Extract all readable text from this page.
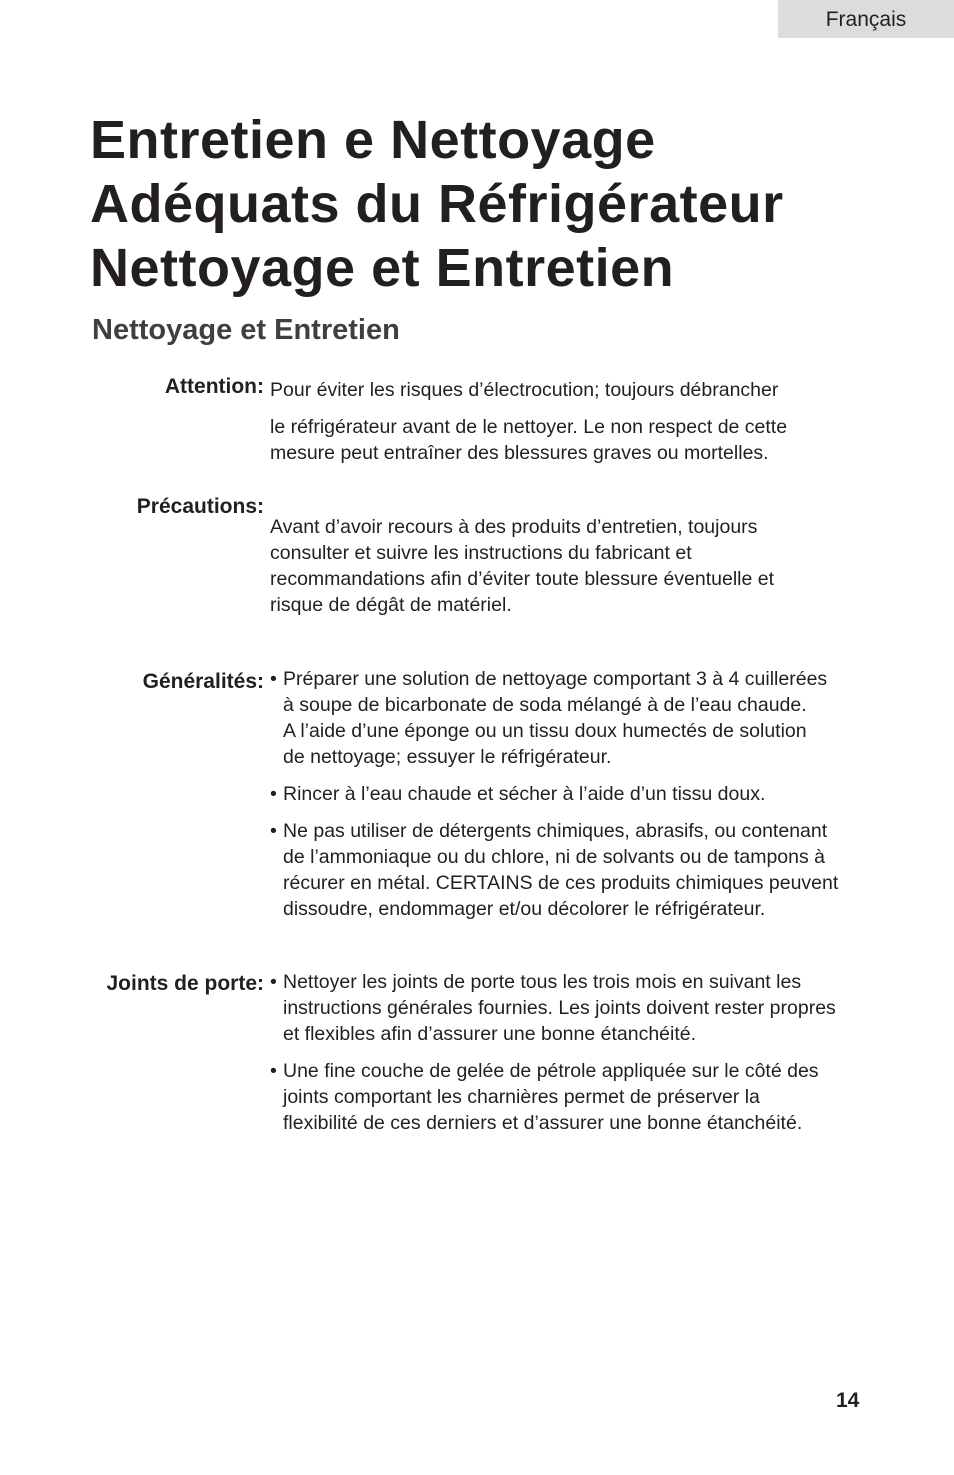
Français
Entretien e Nettoyage
Adéquats du Réfrigérateur
Nettoyage et Entretien
Nettoyage et Entretien

Attention: Pour éviter les risques d’électrocution; toujours débrancher

le réfrigérateur avant de le nettoyer. Le non respect de cette
mesure peut entraîner des blessures graves ou mortelles.

Précautions:

Avant d’avoir recours à des produits d’entretien, toujours
consulter et suivre les instructions du fabricant et
recommandations afin d’éviter toute blessure éventuelle et
risque de dégât de matériel.

Généralités: • Préparer une solution de nettoyage comportant 3 à 4 cuillerées
à soupe de bicarbonate de soda mélangé à de l’eau chaude.
A l’aide d’une éponge ou un tissu doux humectés de solution
de nettoyage; essuyer le réfrigérateur.
• Rincer à l’eau chaude et sécher à l’aide d’un tissu doux.
• Ne pas utiliser de détergents chimiques, abrasifs, ou contenant
de l’ammoniaque ou du chlore, ni de solvants ou de tampons à
récurer en métal. CERTAINS de ces produits chimiques peuvent
dissoudre, endommager et/ou décolorer le réfrigérateur.

Joints de porte: • Nettoyer les joints de porte tous les trois mois en suivant les
instructions générales fournies. Les joints doivent rester propres
et flexibles afin d’assurer une bonne étanchéité.
• Une fine couche de gelée de pétrole appliquée sur le côté des
joints comportant les charnières permet de préserver la
flexibilité de ces derniers et d’assurer une bonne étanchéité.

14
